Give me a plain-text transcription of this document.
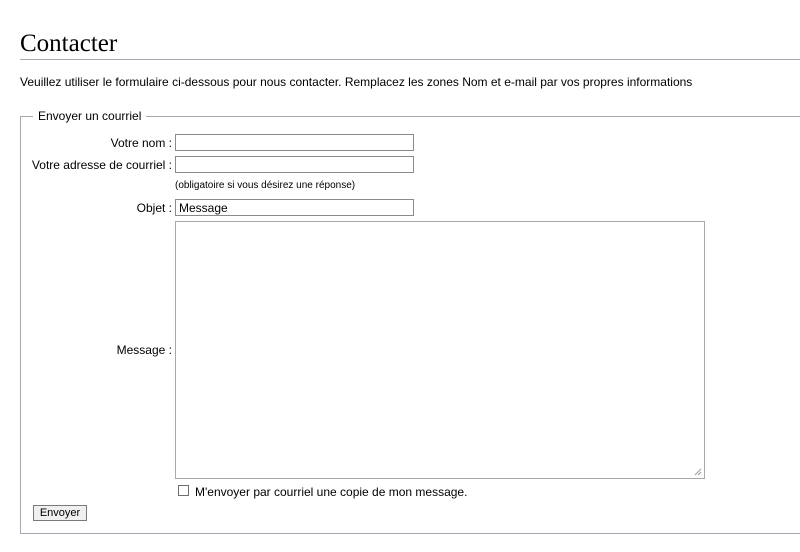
Contacter
Veuillez utiliser le formulaire ci-dessous pour nous contacter. Remplacez les zones Nom et e-mail par vos propres informations
Envoyer un courriel
Votre nom :
Votre adresse de courriel :
(obligatoire si vous désirez une réponse)
Objet :
Message
Message :
M'envoyer par courriel une copie de mon message.
Envoyer
